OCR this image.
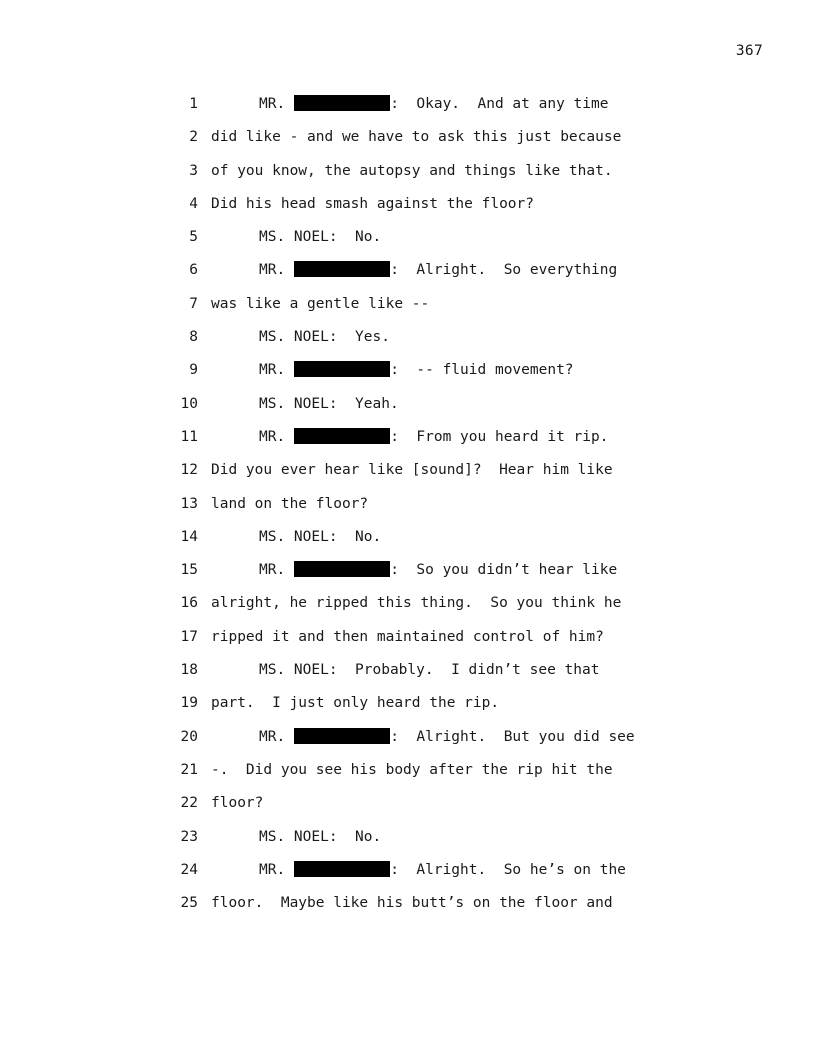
367
1	MR.	:  Okay.  And at any time
2 did like - and we have to ask this just because
3 of you know, the autopsy and things like that.
4 Did his head smash against the floor?
5	MS. NOEL:  No.
6	MR.	:  Alright.  So everything
7 was like a gentle like --
8	MS. NOEL:  Yes.
9	MR.	:  -- fluid movement?
10	MS. NOEL:  Yeah.
11	MR.	:  From you heard it rip.
12 Did you ever hear like [sound]?  Hear him like
13 land on the floor?
14	MS. NOEL:  No.
15	MR.	:  So you didn’t hear like
16 alright, he ripped this thing.  So you think he
17 ripped it and then maintained control of him?
18	MS. NOEL:  Probably.  I didn’t see that
19 part.  I just only heard the rip.
20	MR.	:  Alright.  But you did see
21 -.  Did you see his body after the rip hit the
22 floor?
23	MS. NOEL:  No.
24	MR.	:  Alright.  So he’s on the
25 floor.  Maybe like his butt’s on the floor and
